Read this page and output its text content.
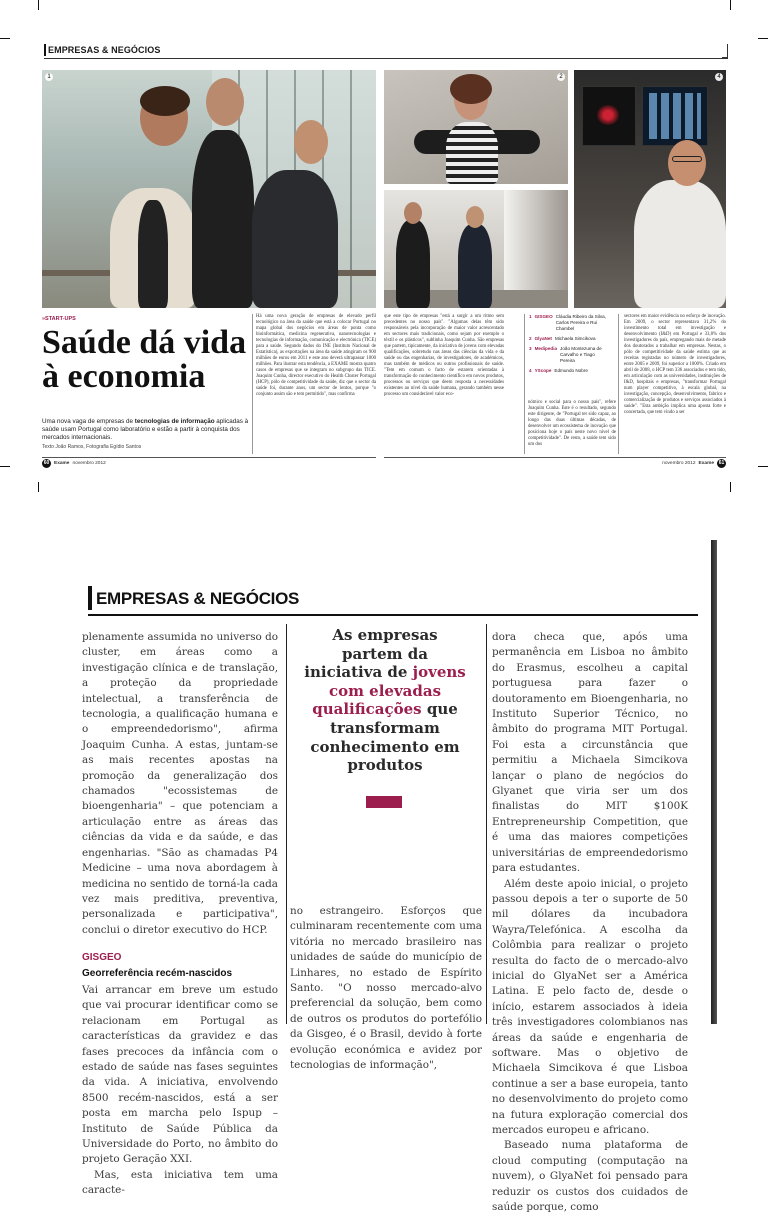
EMPRESAS & NEGÓCIOS
1	2	4
»START-UPS
Saúde dá vida à economia

Uma nova vaga de empresas de tecnologias de informação aplicadas à saúde usam Portugal como laboratório e estão a partir à conquista dos mercados internacionais.

Texto João Ramos, Fotografia Egídio Santos
Há uma nova geração de empresas de elevado perfil tecnológico na área da saúde que está a colocar Portugal no mapa global dos negócios em áreas de ponta como bioinformática, medicina regenerativa, nanotecnologias e tecnologias de informação, comunicação e electrónica (TICE) para a saúde. Segundo dados do INE (Instituto Nacional de Estatística), as exportações na área da saúde atingiram os 900 milhões de euros em 2011 e este ano deverá ultrapassar 1000 milhões. Para ilustrar esta tendência, a EXAME mostra quatro casos de empresas que se integram no subgrupo das TICE. Joaquim Cunha, director executivo do Health Cluster Portugal (HCP), pólo de competitividade da saúde, diz que o sector da saúde foi, durante anos, um sector de lentos, porque "o conjunto assim são e tem permitido", mas confirma
que este tipo de empresas "está a surgir a um ritmo sem precedentes no nosso país". "Algumas delas têm sido responsáveis pela incorporação de maior valor acrescentado em sectores mais tradicionais, como sejam por exemplo o têxtil e os plásticos", sublinha Joaquim Cunha. São empresas que partem, tipicamente, da iniciativa de jovens com elevadas qualificações, sobretudo nas áreas das ciências da vida e da saúde ou das engenharias, de investigadores, de académicos, mas também de médicos ou outros profissionais de saúde. "Tem em comum o facto de estarem orientadas à transformação do conhecimento científico em novos produtos, processos ou serviços que deem resposta a necessidades existentes ao nível da saúde humana, gerando também nesse processo um considerável valor eco-
nómico e social para o nosso país", refere Joaquim Cunha. Este é o resultado, segundo este dirigente, de "Portugal ter sido capaz, ao longo das duas últimas décadas, de desenvolver um ecossistema de inovação que posiciona hoje o país neste novo nível de competitividade". De resto, a saúde tem sido um dos
sectores em maior evidência no esforço de inovação. Em 2009, o sector representava 31,2% do investimento total em investigação e desenvolvimento (I&D) em Portugal e 33,8% dos investigadores do país, empregando mais de metade dos doutorados a trabalhar em empresas. Nestas, o pólo de competitividade da saúde estima que as receitas registadas no número de investigadores, entre 2005 e 2009, foi superior a 1000%. Criado em abril de 2008, o HCP tem 336 associados e tem tido, em articulação com as universidades, instituições de I&D, hospitais e empresas, "transformar Portugal num player competitivo, à escala global, na investigação, concepção, desenvolvimento, fabrico e comercialização de produtos e serviços associados à saúde". "Esta ambição implica uma aposta forte e concertada, que tem vindo a ser
1 GISGEO Cláudia Ribeiro da Silva, Carlos Pereira e Rui Chambel
2 GlyaNet Michaela Simcikova
3 Medipedia João Montezuma de Carvalho e Tiago Pereira
4 YScope Edmundo Nobre
60 Exame novembro 2012	novembro 2012 Exame 61
EMPRESAS & NEGÓCIOS

plenamente assumida no universo do cluster, em áreas como a investigação clínica e de translação, a proteção da propriedade intelectual, a transferência de tecnologia, a qualificação humana e o empreendedorismo", afirma Joaquim Cunha. A estas, juntam-se as mais recentes apostas na promoção da generalização dos chamados "ecossistemas de bioengenharia" – que potenciam a articulação entre as áreas das ciências da vida e da saúde, e das engenharias. "São as chamadas P4 Medicine – uma nova abordagem à medicina no sentido de torná-la cada vez mais preditiva, preventiva, personalizada e participativa", conclui o diretor executivo do HCP.

GISGEO
Georreferência recém-nascidos

Vai arrancar em breve um estudo que vai procurar identificar como se relacionam em Portugal as características da gravidez e das fases precoces da infância com o estado de saúde nas fases seguintes da vida. A iniciativa, envolvendo 8500 recém-nascidos, está a ser posta em marcha pelo Ispup – Instituto de Saúde Pública da Universidade do Porto, no âmbito do projeto Geração XXI.

Mas, esta iniciativa tem uma caracte-

As empresas partem da iniciativa de jovens com elevadas qualificações que transformam conhecimento em produtos

no estrangeiro. Esforços que culminaram recentemente com uma vitória no mercado brasileiro nas unidades de saúde do município de Linhares, no estado de Espírito Santo. "O nosso mercado-alvo preferencial da solução, bem como de outros os produtos do portefólio da Gisgeo, é o Brasil, devido à forte evolução económica e avidez por tecnologias de informação",

dora checa que, após uma permanência em Lisboa no âmbito do Erasmus, escolheu a capital portuguesa para fazer o doutoramento em Bioengenharia, no Instituto Superior Técnico, no âmbito do programa MIT Portugal. Foi esta a circunstância que permitiu a Michaela Simcikova lançar o plano de negócios do Glyanet que viria ser um dos finalistas do MIT $100K Entrepreneurship Competition, que é uma das maiores competições universitárias de empreendedorismo para estudantes.

Além deste apoio inicial, o projeto passou depois a ter o suporte de 50 mil dólares da incubadora Wayra/Telefónica. A escolha da Colômbia para realizar o projeto resulta do facto de o mercado-alvo inicial do GlyaNet ser a América Latina. E pelo facto de, desde o início, estarem associados à ideia três investigadores colombianos nas áreas da saúde e engenharia de software. Mas o objetivo de Michaela Simcikova é que Lisboa continue a ser a base europeia, tanto no desenvolvimento do projeto como na futura exploração comercial dos mercados europeu e africano.

Baseado numa plataforma de cloud computing (computação na nuvem), o GlyaNet foi pensado para reduzir os custos dos cuidados de saúde porque, como
